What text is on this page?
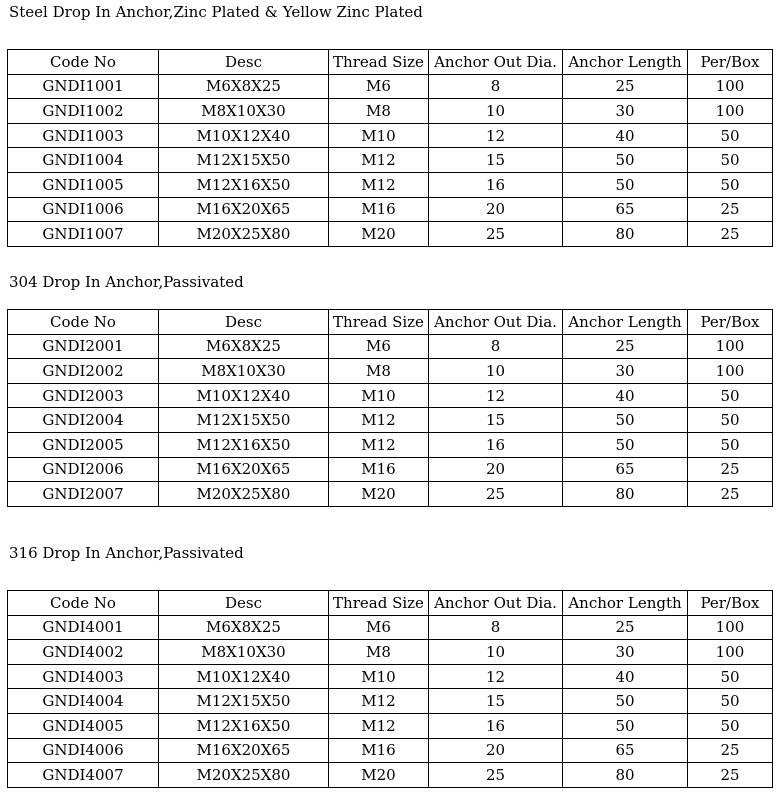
Steel Drop In Anchor,Zinc Plated & Yellow Zinc Plated
Code No	Desc	Thread Size	Anchor Out Dia.	Anchor Length	Per/Box
GNDI1001	M6X8X25	M6	8	25	100
GNDI1002	M8X10X30	M8	10	30	100
GNDI1003	M10X12X40	M10	12	40	50
GNDI1004	M12X15X50	M12	15	50	50
GNDI1005	M12X16X50	M12	16	50	50
GNDI1006	M16X20X65	M16	20	65	25
GNDI1007	M20X25X80	M20	25	80	25
304 Drop In Anchor,Passivated
Code No	Desc	Thread Size	Anchor Out Dia.	Anchor Length	Per/Box
GNDI2001	M6X8X25	M6	8	25	100
GNDI2002	M8X10X30	M8	10	30	100
GNDI2003	M10X12X40	M10	12	40	50
GNDI2004	M12X15X50	M12	15	50	50
GNDI2005	M12X16X50	M12	16	50	50
GNDI2006	M16X20X65	M16	20	65	25
GNDI2007	M20X25X80	M20	25	80	25
316 Drop In Anchor,Passivated
Code No	Desc	Thread Size	Anchor Out Dia.	Anchor Length	Per/Box
GNDI4001	M6X8X25	M6	8	25	100
GNDI4002	M8X10X30	M8	10	30	100
GNDI4003	M10X12X40	M10	12	40	50
GNDI4004	M12X15X50	M12	15	50	50
GNDI4005	M12X16X50	M12	16	50	50
GNDI4006	M16X20X65	M16	20	65	25
GNDI4007	M20X25X80	M20	25	80	25
